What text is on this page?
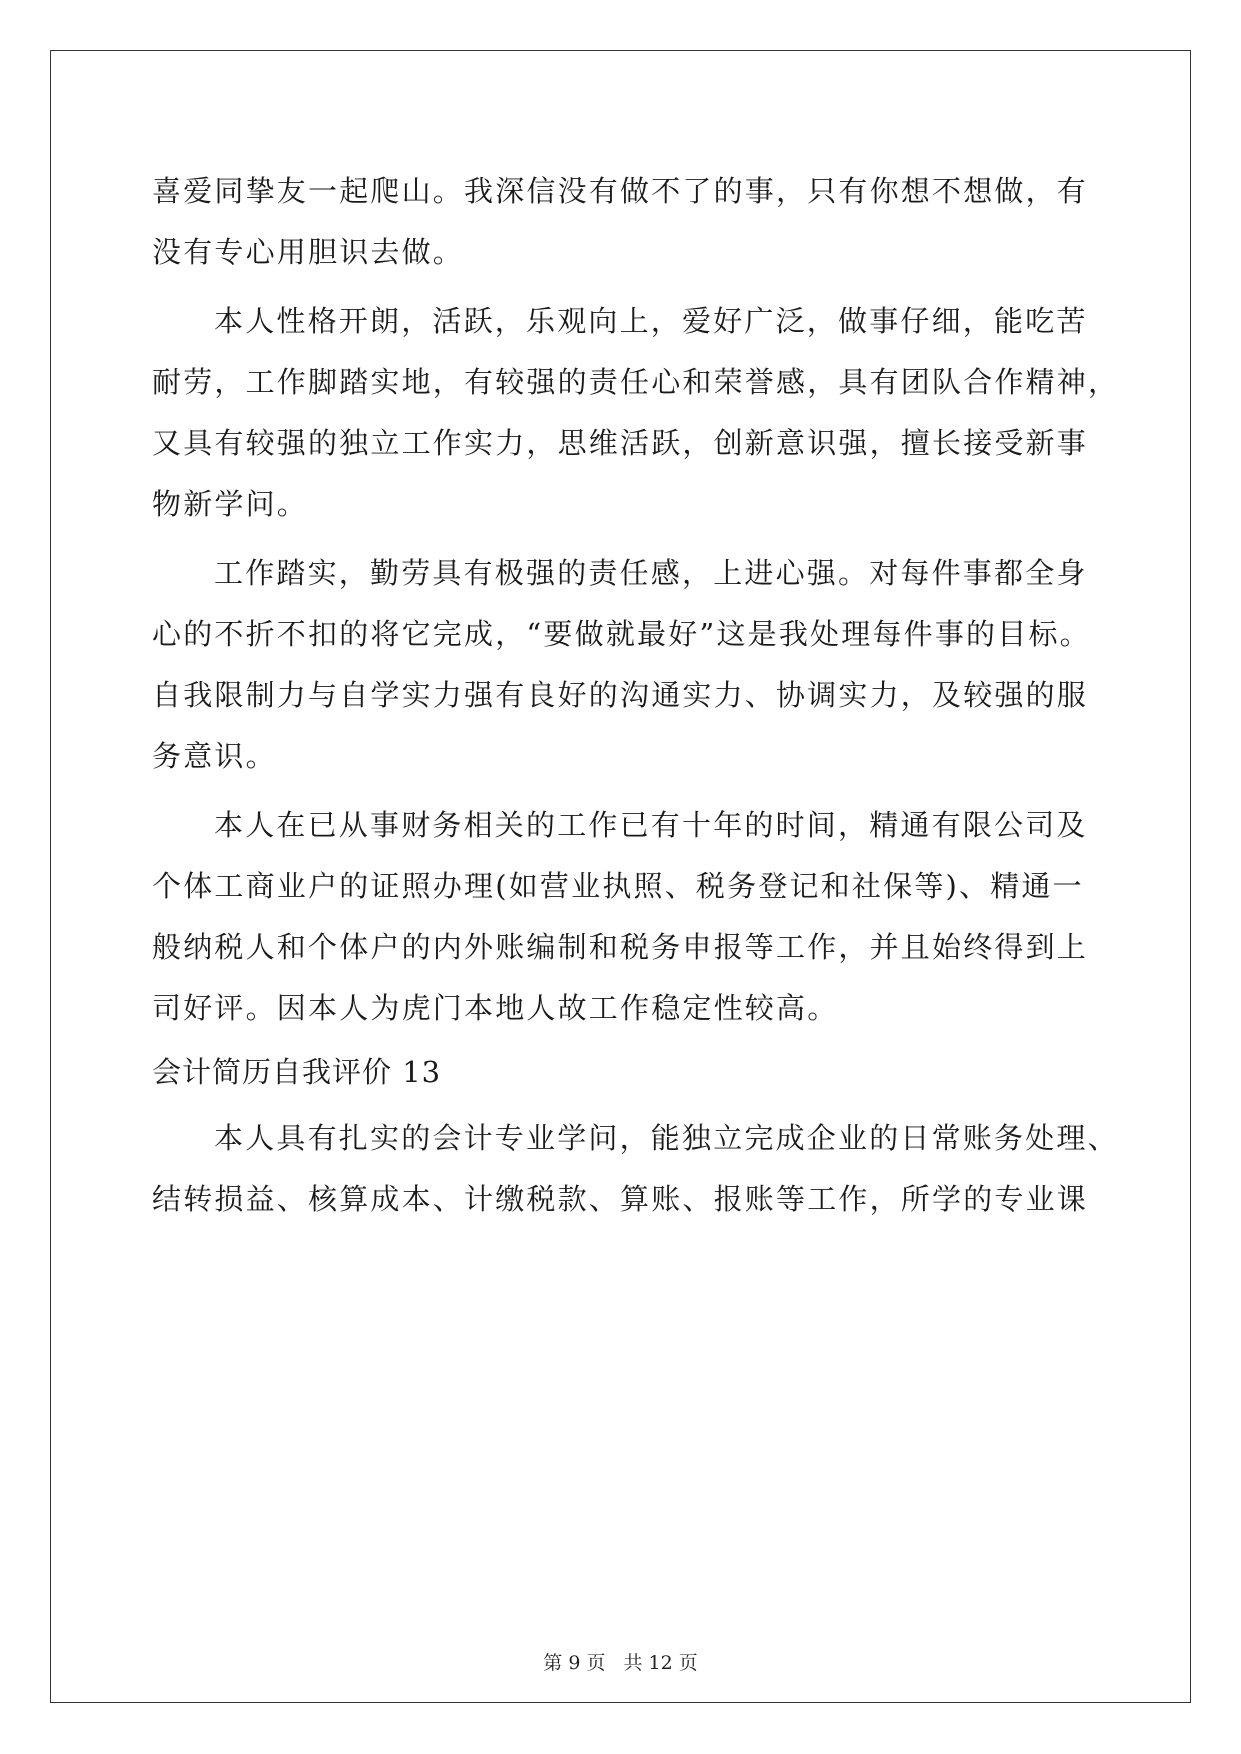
喜爱同挚友一起爬山。我深信没有做不了的事，只有你想不想做，有
没有专心用胆识去做。
本人性格开朗，活跃，乐观向上，爱好广泛，做事仔细，能吃苦
耐劳，工作脚踏实地，有较强的责任心和荣誉感，具有团队合作精神，
又具有较强的独立工作实力，思维活跃，创新意识强，擅长接受新事
物新学问。
工作踏实，勤劳具有极强的责任感，上进心强。对每件事都全身
心的不折不扣的将它完成，“要做就最好”这是我处理每件事的目标。
自我限制力与自学实力强有良好的沟通实力、协调实力，及较强的服
务意识。
本人在已从事财务相关的工作已有十年的时间，精通有限公司及
个体工商业户的证照办理(如营业执照、税务登记和社保等)、精通一
般纳税人和个体户的内外账编制和税务申报等工作，并且始终得到上
司好评。因本人为虎门本地人故工作稳定性较高。
会计简历自我评价 13
本人具有扎实的会计专业学问，能独立完成企业的日常账务处理、
结转损益、核算成本、计缴税款、算账、报账等工作，所学的专业课
第 9 页 共 12 页
